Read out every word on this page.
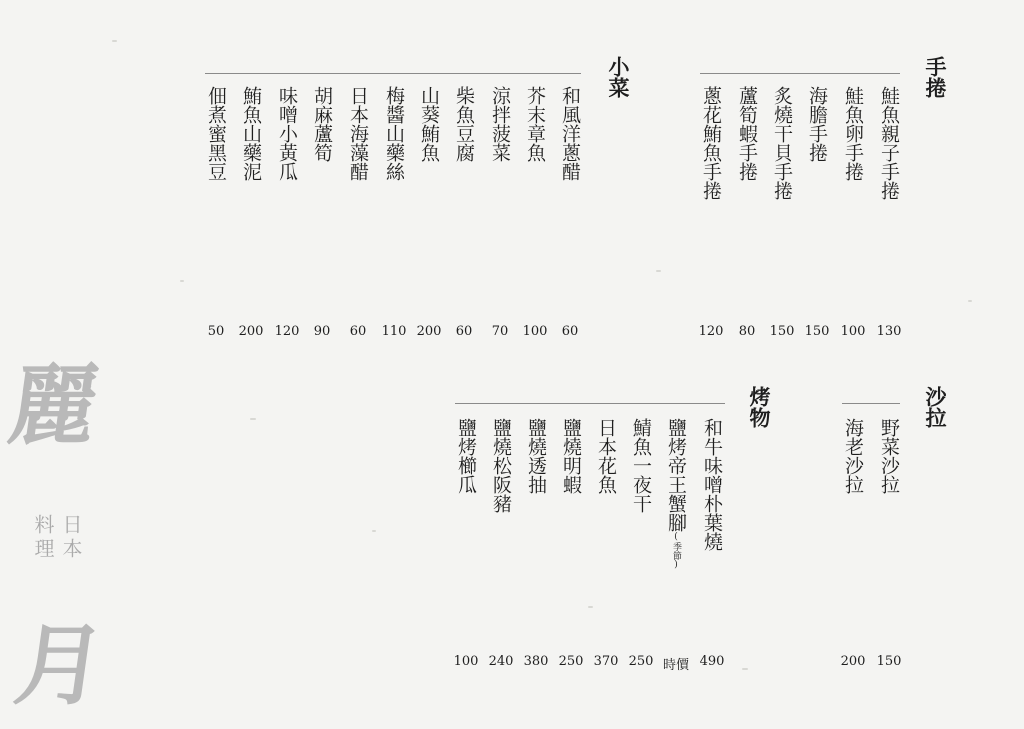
手捲
鮭魚親子手捲
130
鮭魚卵手捲
100
海膽手捲
150
炙燒干貝手捲
150
蘆筍蝦手捲
80
蔥花鮪魚手捲
120
小菜
和風洋蔥醋
60
芥末章魚
100
涼拌菠菜
70
柴魚豆腐
60
山葵鮪魚
200
梅醬山藥絲
110
日本海藻醋
60
胡麻蘆筍
90
味噌小黃瓜
120
鮪魚山藥泥
200
佃煮蜜黑豆
50
沙拉
野菜沙拉
150
海老沙拉
200
烤物
和牛味噌朴葉燒
490
鹽烤帝王蟹腳(季節)
時價
鯖魚一夜干
250
日本花魚
370
鹽燒明蝦
250
鹽燒透抽
380
鹽燒松阪豬
240
鹽烤櫛瓜
100
麗
日本
料理
月
